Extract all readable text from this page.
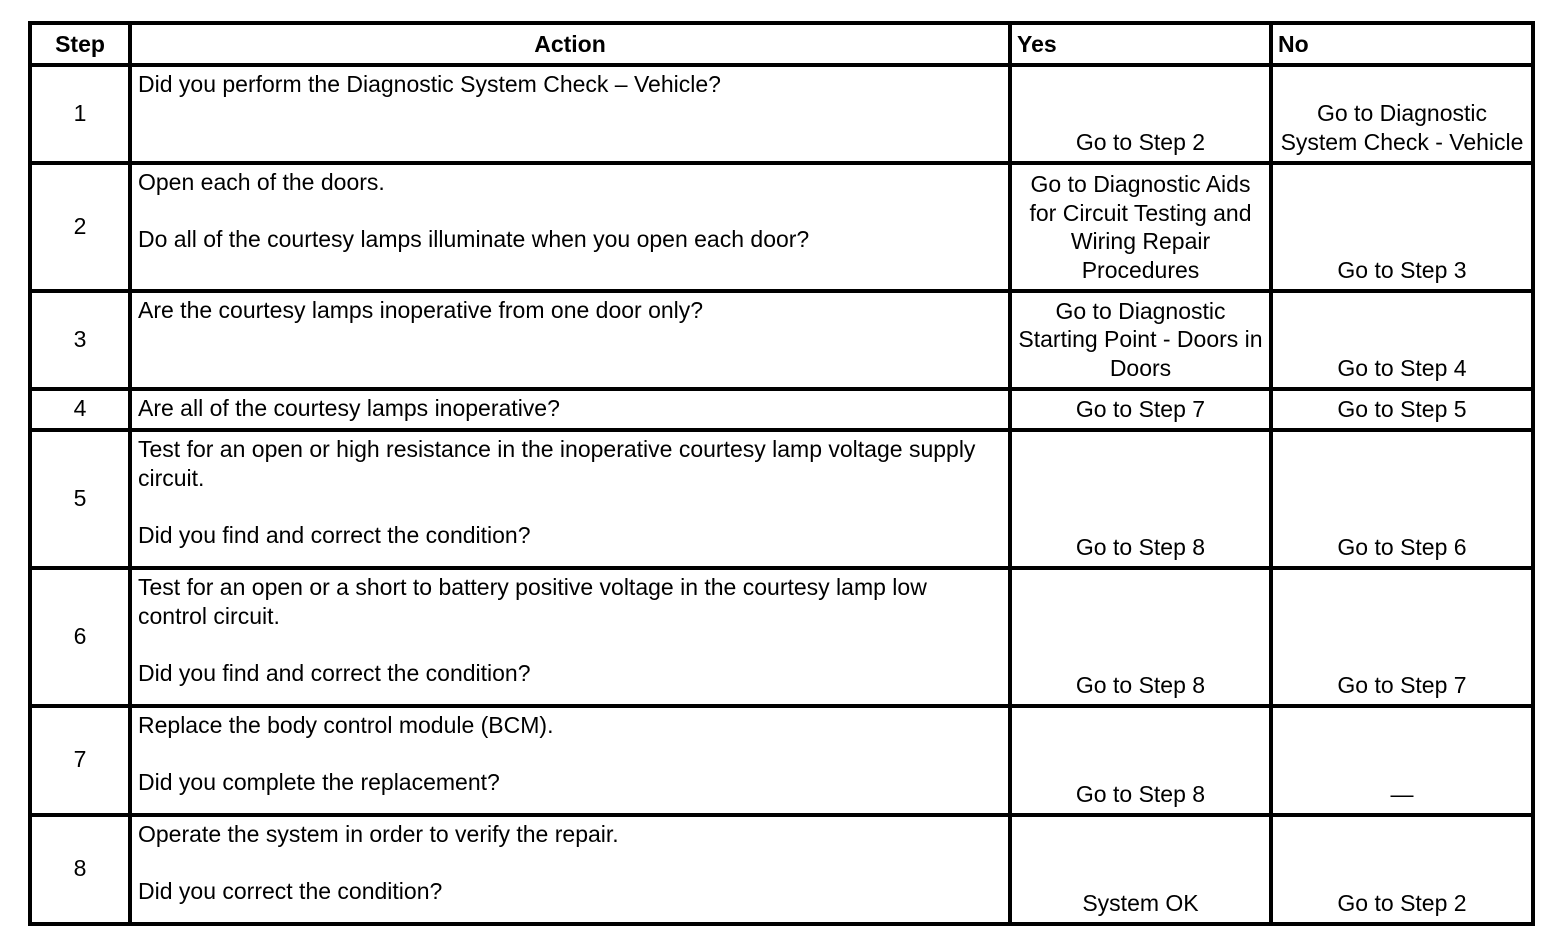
Step	Action	Yes	No
1	Did you perform the Diagnostic System Check – Vehicle?	Go to Step 2	Go to Diagnostic System Check - Vehicle
2	Open each of the doors.

Do all of the courtesy lamps illuminate when you open each door?	Go to Diagnostic Aids for Circuit Testing and Wiring Repair Procedures	Go to Step 3
3	Are the courtesy lamps inoperative from one door only?	Go to Diagnostic Starting Point - Doors in Doors	Go to Step 4
4	Are all of the courtesy lamps inoperative?	Go to Step 7	Go to Step 5
5	Test for an open or high resistance in the inoperative courtesy lamp voltage supply circuit.

Did you find and correct the condition?	Go to Step 8	Go to Step 6
6	Test for an open or a short to battery positive voltage in the courtesy lamp low control circuit.

Did you find and correct the condition?	Go to Step 8	Go to Step 7
7	Replace the body control module (BCM).

Did you complete the replacement?	Go to Step 8	—
8	Operate the system in order to verify the repair.

Did you correct the condition?	System OK	Go to Step 2
